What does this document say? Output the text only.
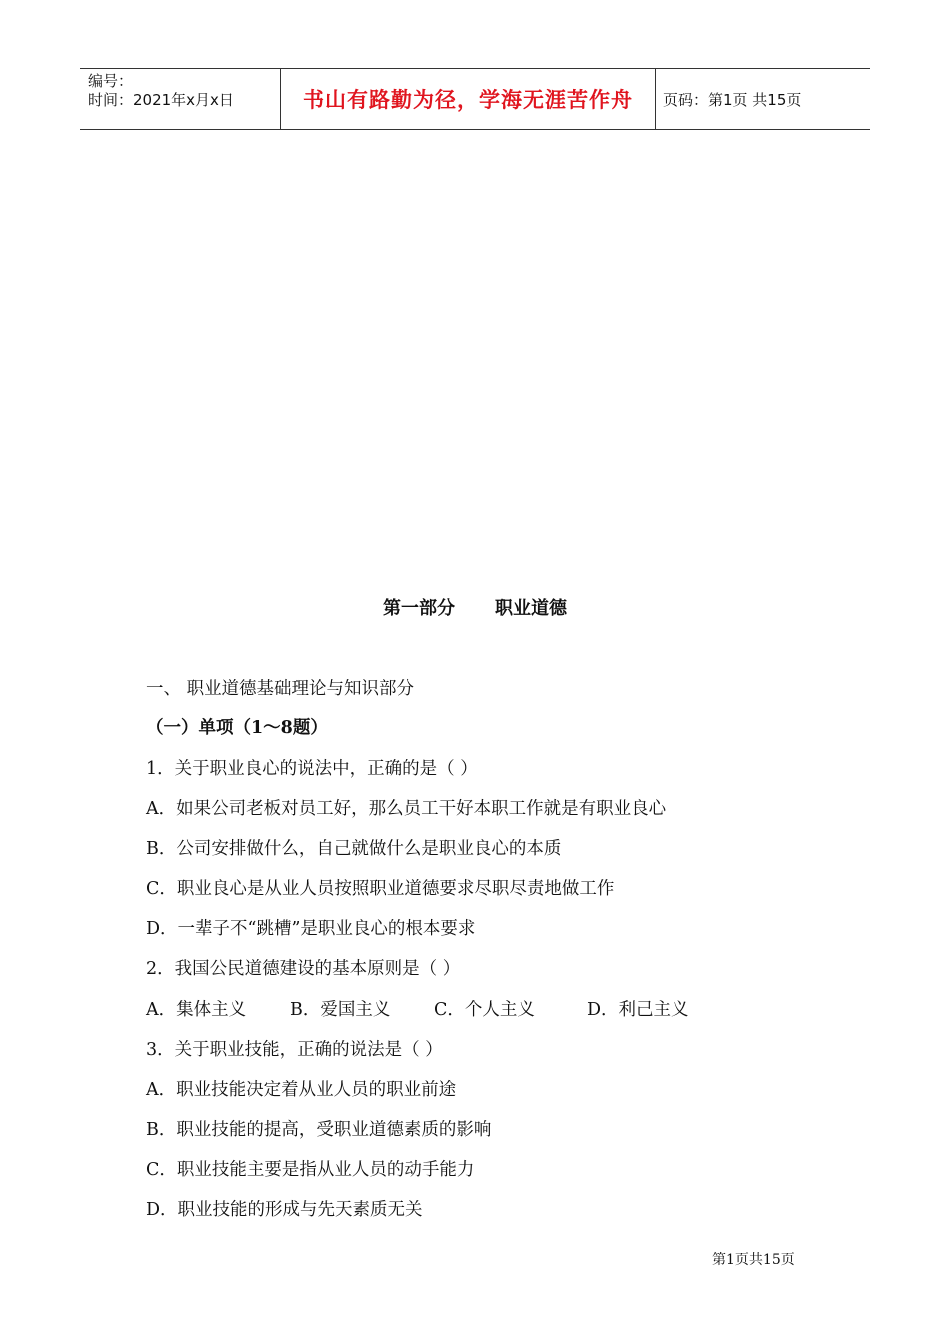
编号：
时间：2021年x月x日	书山有路勤为径，学海无涯苦作舟	页码：第1页 共15页
第一部分 职业道德
一、 职业道德基础理论与知识部分
（一）单项（1～8题）
1．关于职业良心的说法中，正确的是（ ）
A．如果公司老板对员工好，那么员工干好本职工作就是有职业良心
B．公司安排做什么，自己就做什么是职业良心的本质
C．职业良心是从业人员按照职业道德要求尽职尽责地做工作
D．一辈子不“跳槽”是职业良心的根本要求
2．我国公民道德建设的基本原则是（ ）
A．集体主义	B．爱国主义 C．个人主义	D．利己主义
3．关于职业技能，正确的说法是（ ）
A．职业技能决定着从业人员的职业前途
B．职业技能的提高，受职业道德素质的影响
C．职业技能主要是指从业人员的动手能力
D．职业技能的形成与先天素质无关
第1页共15页
